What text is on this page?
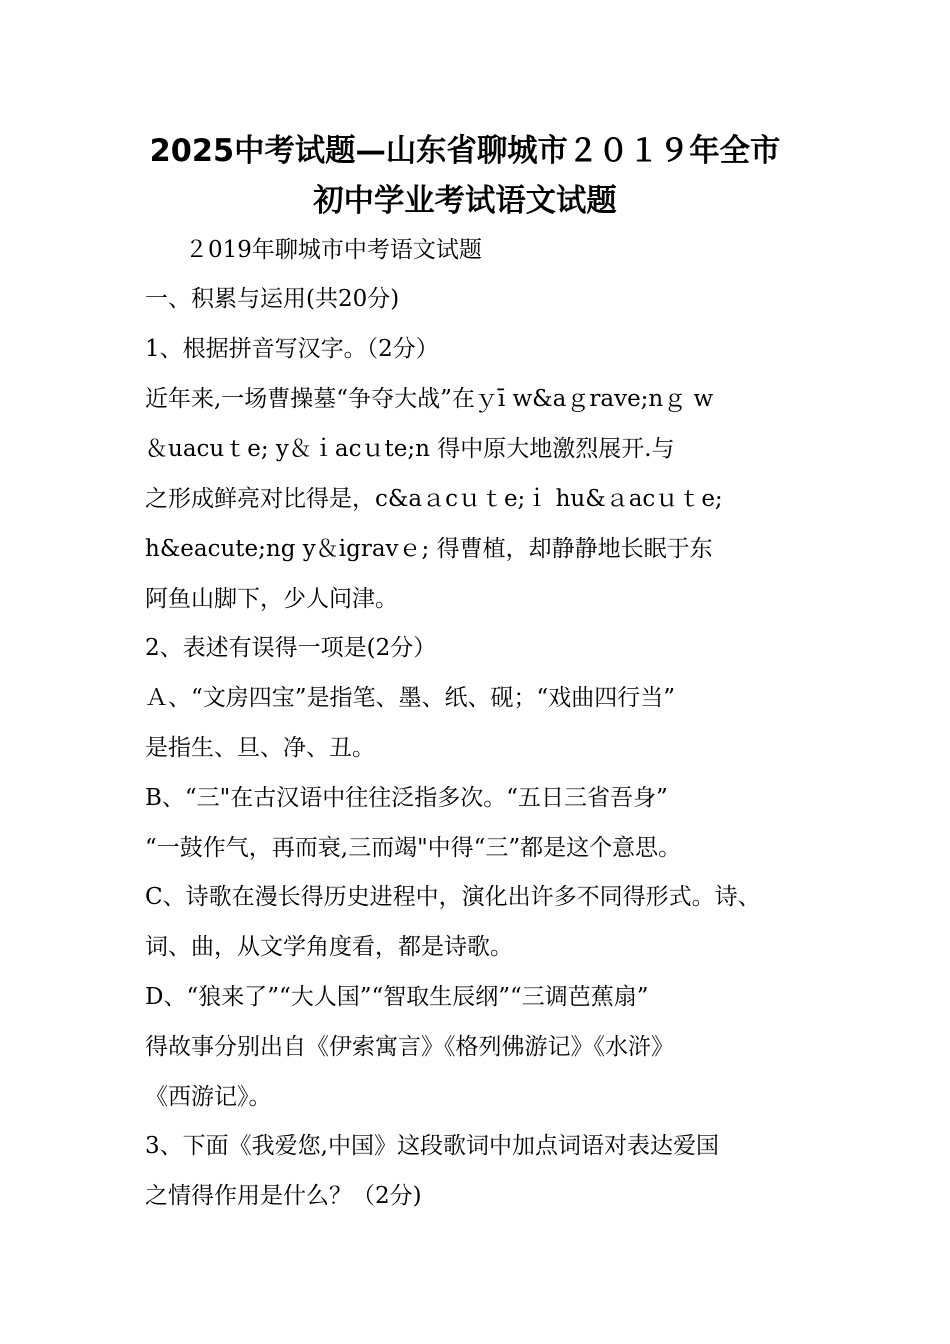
2025中考试题—山东省聊城市２０１９年全市
初中学业考试语文试题
２019年聊城市中考语文试题
一、积累与运用(共20分)
1、根据拼音写汉字。（2分）
近年来,一场曹操墓“争夺大战”在ｙī w&aｇrave;nｇ w
＆uacuｔe; y＆ｉacｕte;n 得中原大地激烈展开.与
之形成鲜亮对比得是，c&aａcｕｔe;ｉ hu&ａacｕｔe;
h&eacute;ng y＆igravｅ; 得曹植，却静静地长眠于东
阿鱼山脚下，少人问津。
2、表述有误得一项是(2分）
Ａ、“文房四宝”是指笔、墨、纸、砚；“戏曲四行当”
是指生、旦、净、丑。
B、“三"在古汉语中往往泛指多次。“五日三省吾身”
“一鼓作气，再而衰,三而竭"中得“三”都是这个意思。
C、诗歌在漫长得历史进程中，演化出许多不同得形式。诗、
词、曲，从文学角度看，都是诗歌。
D、“狼来了”“大人国”“智取生辰纲”“三调芭蕉扇”
得故事分别出自《伊索寓言》《格列佛游记》《水浒》
《西游记》。
3、下面《我爱您,中国》这段歌词中加点词语对表达爱国
之情得作用是什么？（2分)
